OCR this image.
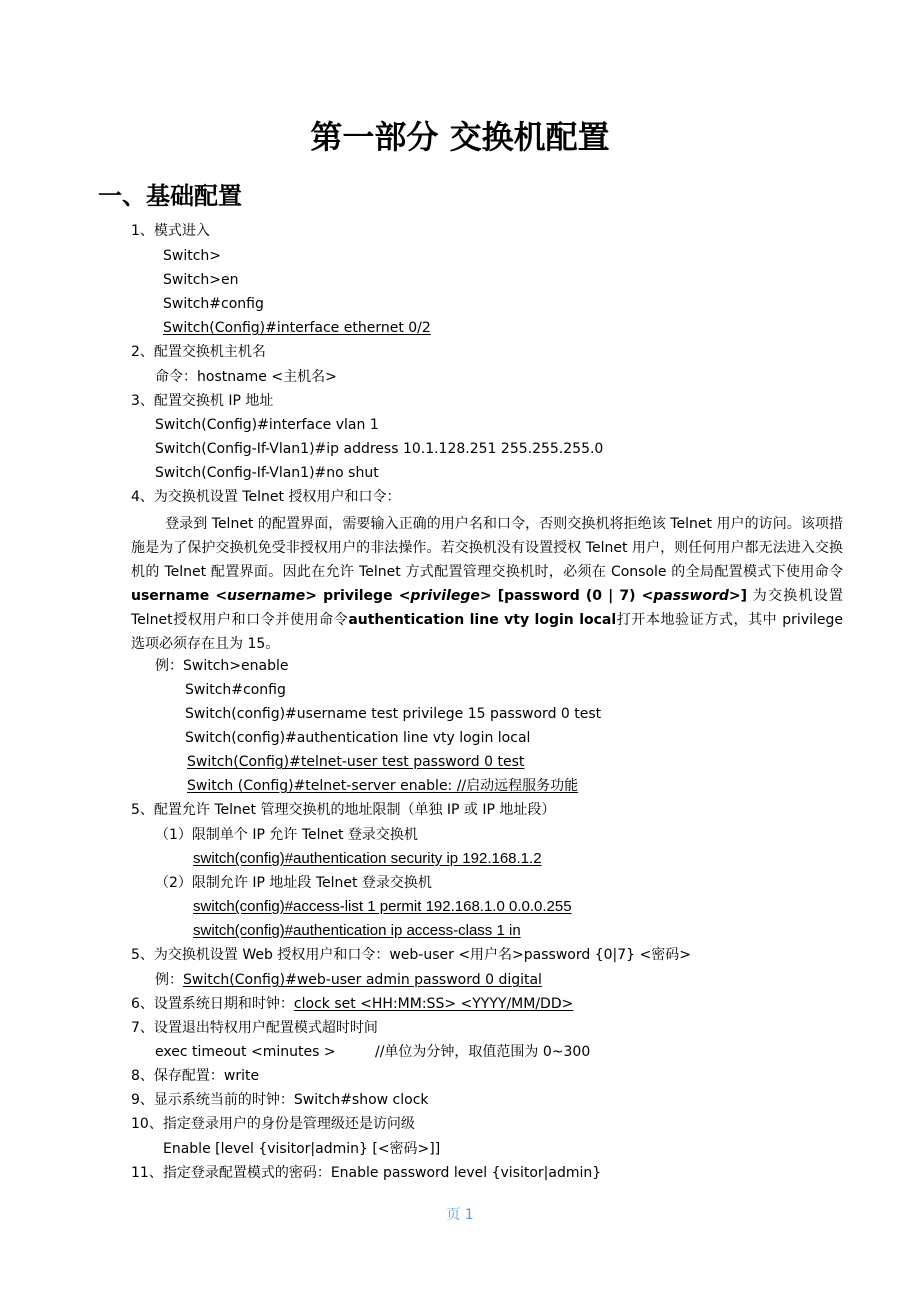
第一部分 交换机配置
一、基础配置
1、模式进入
Switch>
Switch>en
Switch#config
Switch(Config)#interface ethernet 0/2
2、配置交换机主机名
命令：hostname <主机名>
3、配置交换机 IP 地址
Switch(Config)#interface vlan 1
Switch(Config-If-Vlan1)#ip address 10.1.128.251 255.255.255.0
Switch(Config-If-Vlan1)#no shut
4、为交换机设置 Telnet 授权用户和口令：
登录到 Telnet 的配置界面，需要输入正确的用户名和口令，否则交换机将拒绝该 Telnet 用户的访问。该项措施是为了保护交换机免受非授权用户的非法操作。若交换机没有设置授权 Telnet 用户，则任何用户都无法进入交换机的 Telnet 配置界面。因此在允许 Telnet 方式配置管理交换机时，必须在 Console 的全局配置模式下使用命令 username <username> privilege <privilege> [password (0 | 7) <password>] 为交换机设置Telnet授权用户和口令并使用命令authentication line vty login local打开本地验证方式，其中 privilege 选项必须存在且为 15。
例：Switch>enable
Switch#config
Switch(config)#username test privilege 15 password 0 test
Switch(config)#authentication line vty login local
Switch(Config)#telnet-user test password 0 test
Switch (Config)#telnet-server enable: //启动远程服务功能
5、配置允许 Telnet 管理交换机的地址限制（单独 IP 或 IP 地址段）
（1）限制单个 IP 允许 Telnet 登录交换机
switch(config)#authentication security ip 192.168.1.2
（2）限制允许 IP 地址段 Telnet 登录交换机
switch(config)#access-list 1 permit 192.168.1.0 0.0.0.255
switch(config)#authentication ip access-class 1 in
5、为交换机设置 Web 授权用户和口令：web-user <用户名>password {0|7} <密码>
例：Switch(Config)#web-user admin password 0 digital
6、设置系统日期和时钟：clock set <HH:MM:SS> <YYYY/MM/DD>
7、设置退出特权用户配置模式超时时间
exec timeout <minutes >	//单位为分钟，取值范围为 0~300
8、保存配置：write
9、显示系统当前的时钟：Switch#show clock
10、指定登录用户的身份是管理级还是访问级
Enable [level {visitor|admin} [<密码>]]
11、指定登录配置模式的密码：Enable password level {visitor|admin}
页 1
